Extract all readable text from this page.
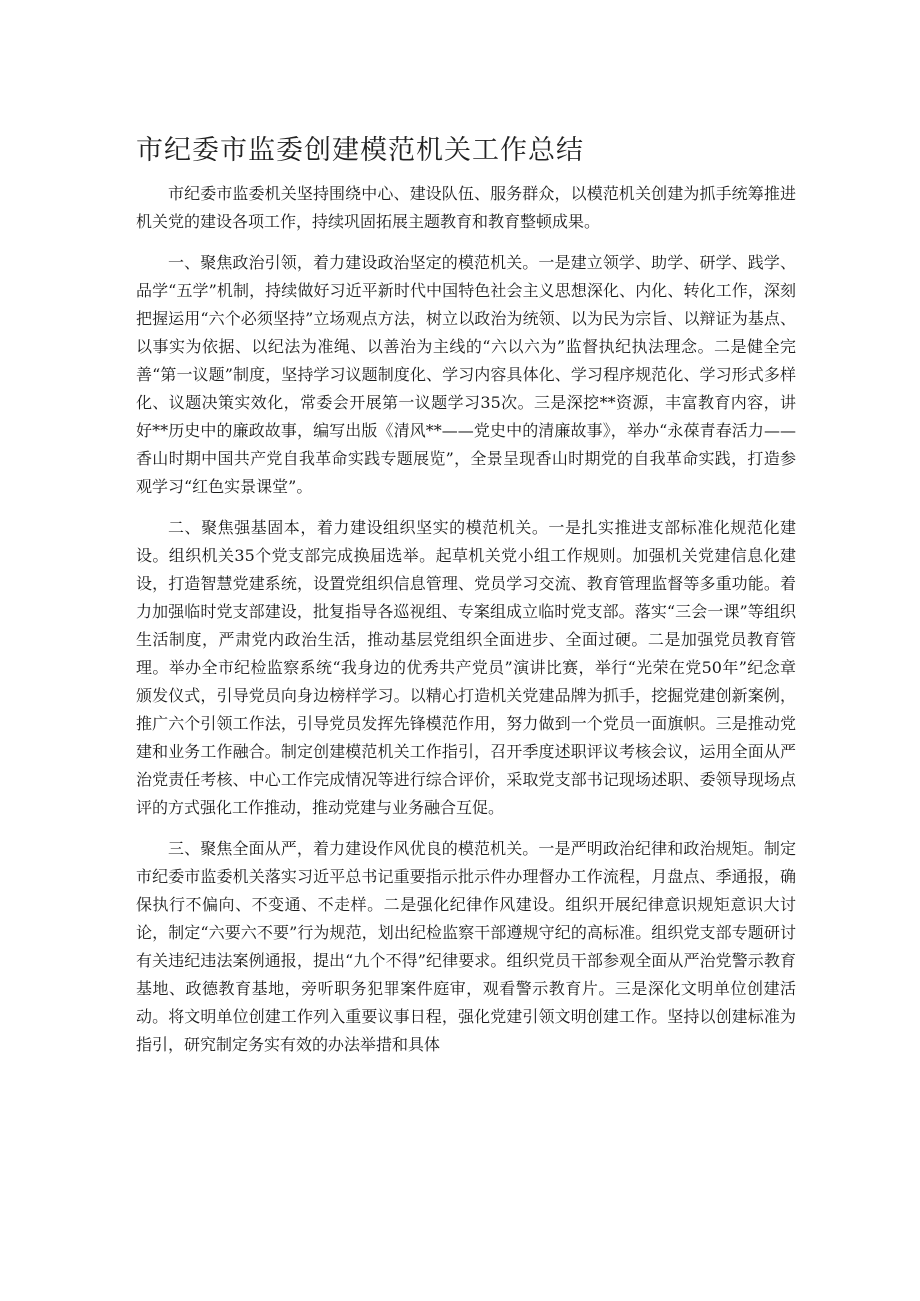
市纪委市监委创建模范机关工作总结

市纪委市监委机关坚持围绕中心、建设队伍、服务群众，以模范机关创建为抓手统筹推进机关党的建设各项工作，持续巩固拓展主题教育和教育整顿成果。

一、聚焦政治引领，着力建设政治坚定的模范机关。一是建立领学、助学、研学、践学、品学“五学”机制，持续做好习近平新时代中国特色社会主义思想深化、内化、转化工作，深刻把握运用“六个必须坚持”立场观点方法，树立以政治为统领、以为民为宗旨、以辩证为基点、以事实为依据、以纪法为准绳、以善治为主线的“六以六为”监督执纪执法理念。二是健全完善“第一议题”制度，坚持学习议题制度化、学习内容具体化、学习程序规范化、学习形式多样化、议题决策实效化，常委会开展第一议题学习35次。三是深挖**资源，丰富教育内容，讲好**历史中的廉政故事，编写出版《清风**——党史中的清廉故事》，举办“永葆青春活力——香山时期中国共产党自我革命实践专题展览”，全景呈现香山时期党的自我革命实践，打造参观学习“红色实景课堂”。

二、聚焦强基固本，着力建设组织坚实的模范机关。一是扎实推进支部标准化规范化建设。组织机关35个党支部完成换届选举。起草机关党小组工作规则。加强机关党建信息化建设，打造智慧党建系统，设置党组织信息管理、党员学习交流、教育管理监督等多重功能。着力加强临时党支部建设，批复指导各巡视组、专案组成立临时党支部。落实“三会一课”等组织生活制度，严肃党内政治生活，推动基层党组织全面进步、全面过硬。二是加强党员教育管理。举办全市纪检监察系统“我身边的优秀共产党员”演讲比赛，举行“光荣在党50年”纪念章颁发仪式，引导党员向身边榜样学习。以精心打造机关党建品牌为抓手，挖掘党建创新案例，推广六个引领工作法，引导党员发挥先锋模范作用，努力做到一个党员一面旗帜。三是推动党建和业务工作融合。制定创建模范机关工作指引，召开季度述职评议考核会议，运用全面从严治党责任考核、中心工作完成情况等进行综合评价，采取党支部书记现场述职、委领导现场点评的方式强化工作推动，推动党建与业务融合互促。

三、聚焦全面从严，着力建设作风优良的模范机关。一是严明政治纪律和政治规矩。制定市纪委市监委机关落实习近平总书记重要指示批示件办理督办工作流程，月盘点、季通报，确保执行不偏向、不变通、不走样。二是强化纪律作风建设。组织开展纪律意识规矩意识大讨论，制定“六要六不要”行为规范，划出纪检监察干部遵规守纪的高标准。组织党支部专题研讨有关违纪违法案例通报，提出“九个不得”纪律要求。组织党员干部参观全面从严治党警示教育基地、政德教育基地，旁听职务犯罪案件庭审，观看警示教育片。三是深化文明单位创建活动。将文明单位创建工作列入重要议事日程，强化党建引领文明创建工作。坚持以创建标准为指引，研究制定务实有效的办法举措和具体
